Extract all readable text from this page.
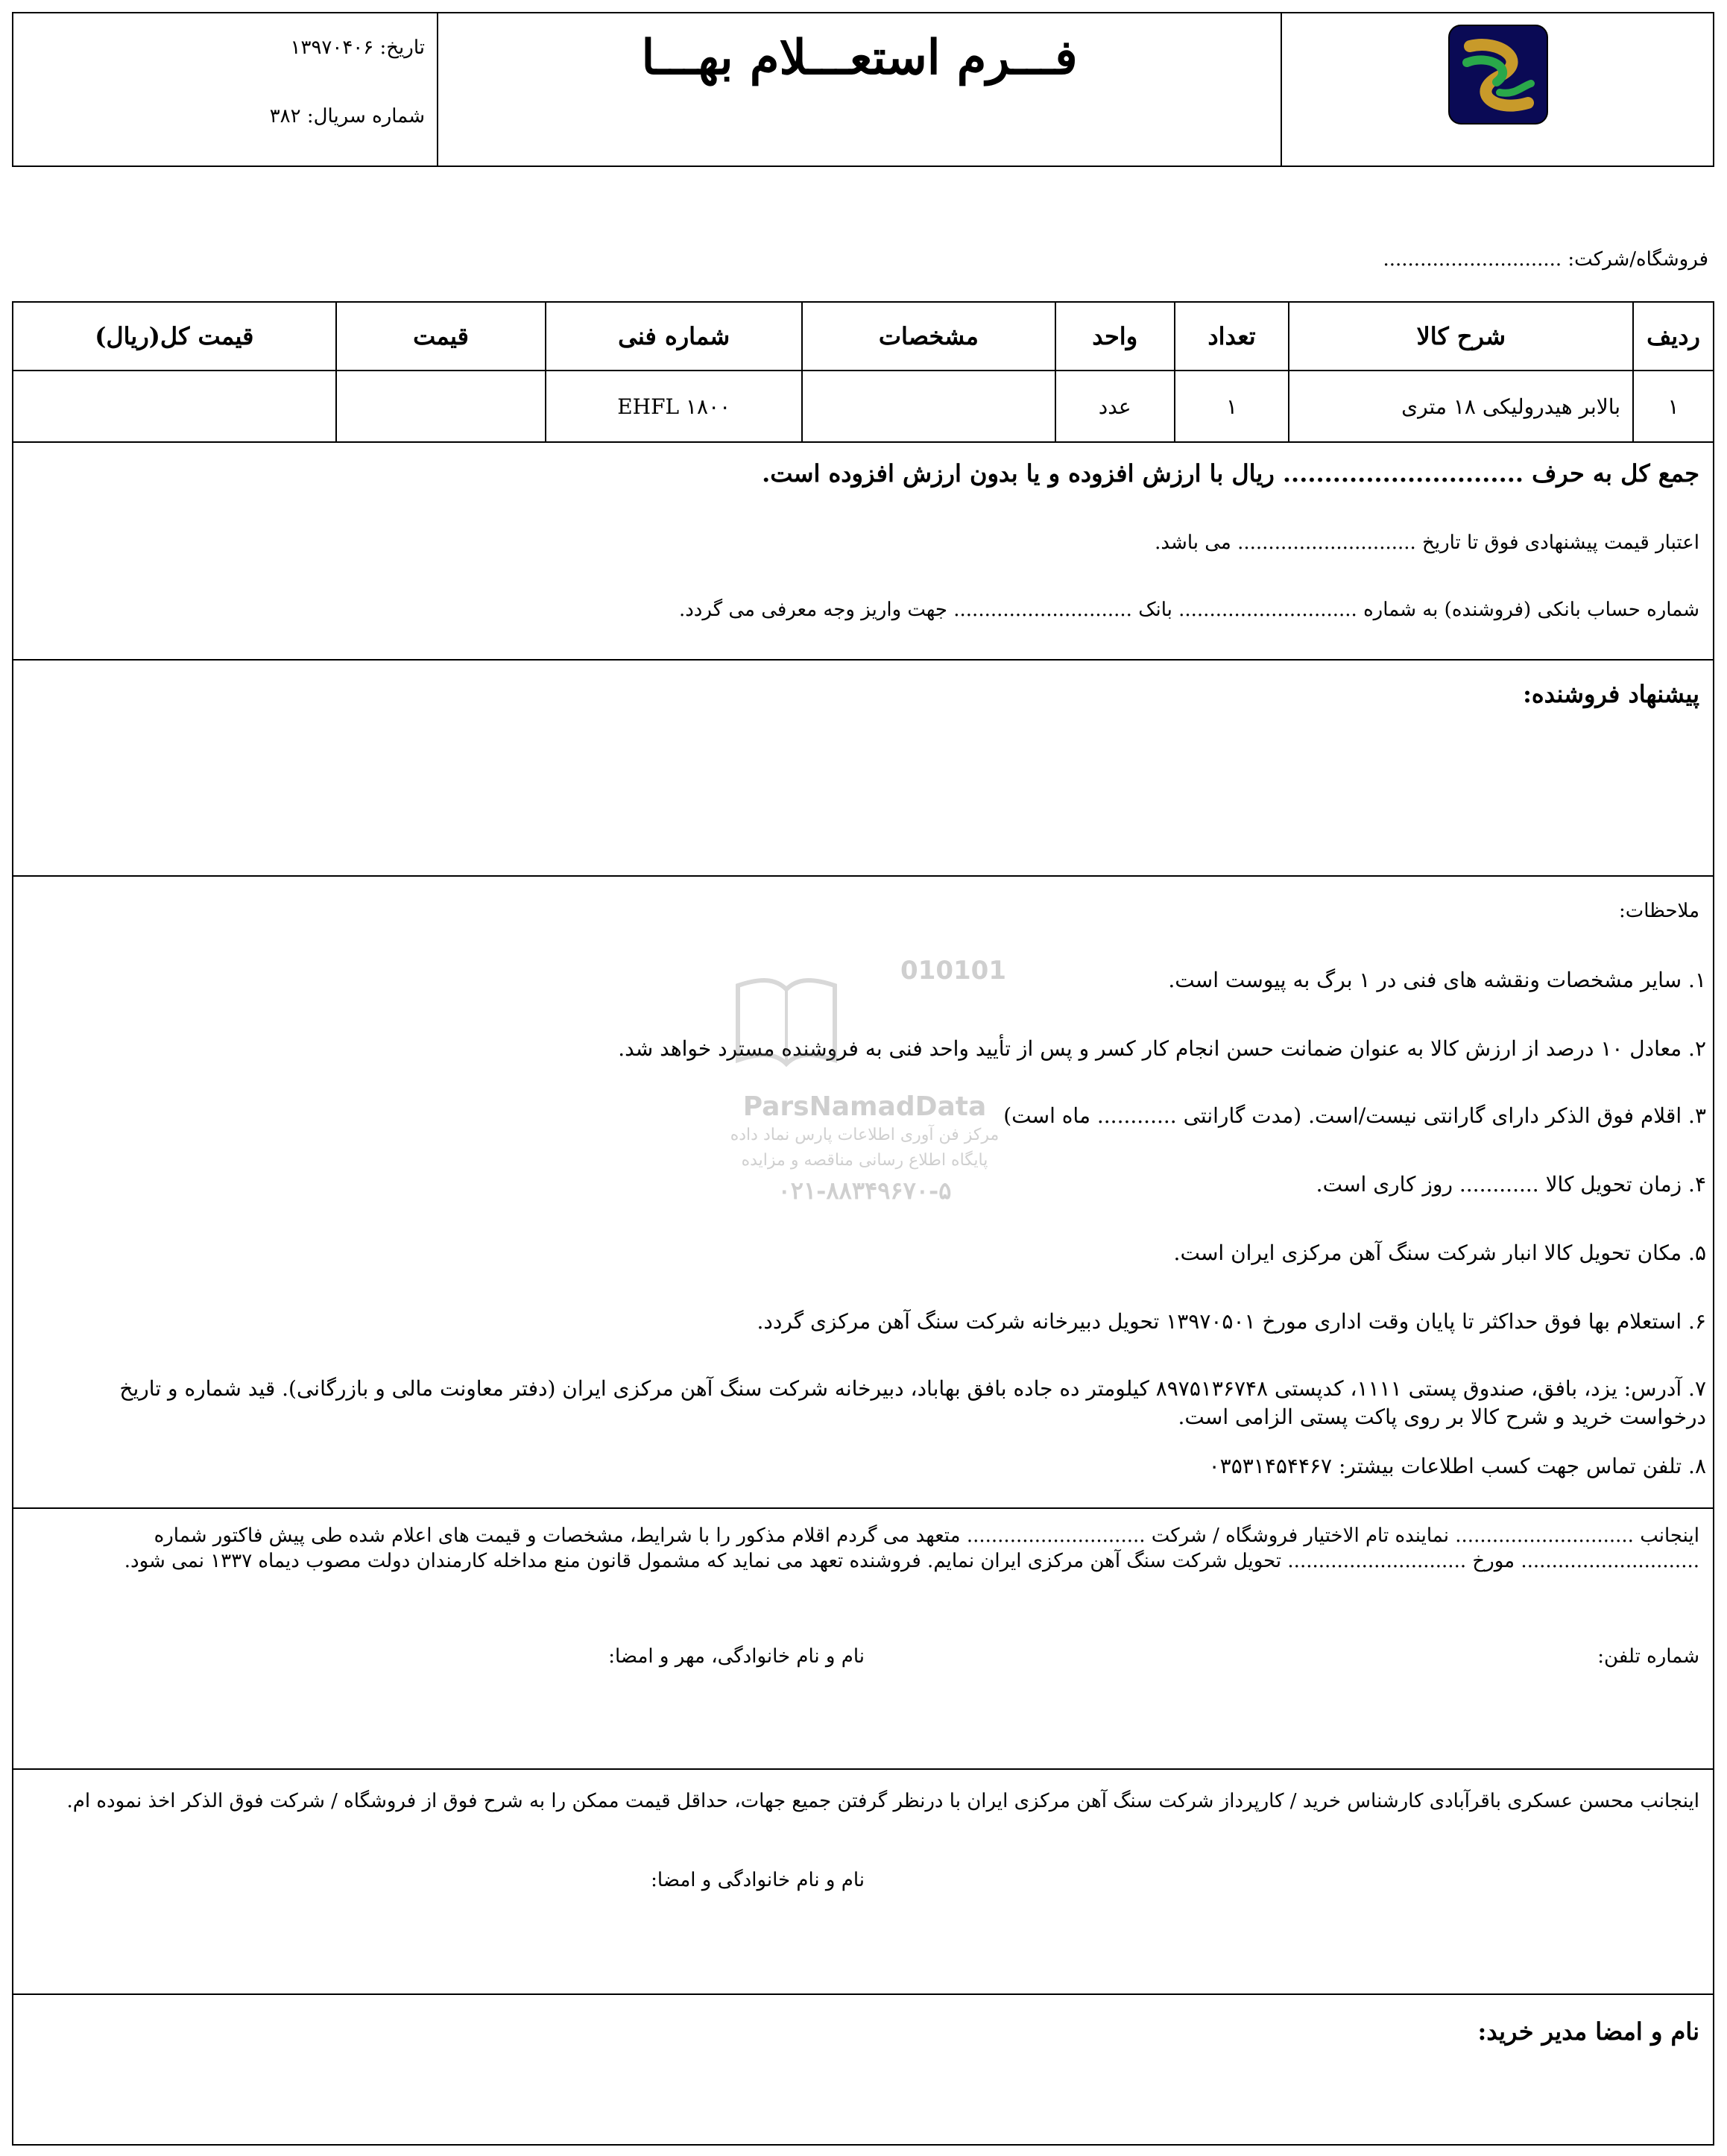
تاریخ: ۱۳۹۷۰۴۰۶
شماره سریال: ۳۸۲
فـــرم استعـــلام بهـــا
فروشگاه/شرکت: .............................
ردیف	شرح کالا	تعداد	واحد	مشخصات	شماره فنی	قیمت	قیمت کل(ریال)
۱	بالابر هیدرولیکی ۱۸ متری	۱	عدد		EHFL ۱۸۰۰		
جمع کل به حرف ............................. ریال با ارزش افزوده و یا بدون ارزش افزوده است.
اعتبار قیمت پیشنهادی فوق تا تاریخ ............................. می باشد.
شماره حساب بانکی (فروشنده) به شماره ............................. بانک ............................. جهت واریز وجه معرفی می گردد.
پیشنهاد فروشنده:
ملاحظات:
۱. سایر مشخصات ونقشه های فنی در ۱ برگ به پیوست است.
۲. معادل ۱۰ درصد از ارزش کالا به عنوان ضمانت حسن انجام کار کسر و پس از تأیید واحد فنی به فروشنده مسترد خواهد شد.
۳. اقلام فوق الذکر دارای گارانتی نیست/است. (مدت گارانتی ............ ماه است)
۴. زمان تحویل کالا ............ روز کاری است.
۵. مکان تحویل کالا انبار شرکت سنگ آهن مرکزی ایران است.
۶. استعلام بها فوق حداکثر تا پایان وقت اداری مورخ ۱۳۹۷۰۵۰۱ تحویل دبیرخانه شرکت سنگ آهن مرکزی گردد.
۷. آدرس: یزد، بافق، صندوق پستی ۱۱۱۱، کدپستی ۸۹۷۵۱۳۶۷۴۸ کیلومتر ده جاده بافق بهاباد، دبیرخانه شرکت سنگ آهن مرکزی ایران (دفتر معاونت مالی و بازرگانی). قید شماره و تاریخ درخواست خرید و شرح کالا بر روی پاکت پستی الزامی است.
۸. تلفن تماس جهت کسب اطلاعات بیشتر: ۰۳۵۳۱۴۵۴۴۶۷
010101
ParsNamadData
مرکز فن آوری اطلاعات پارس نماد داده
پایگاه اطلاع رسانی مناقصه و مزایده
۰۲۱-۸۸۳۴۹۶۷۰-۵
اینجانب ............................. نماینده تام الاختیار فروشگاه / شرکت ............................. متعهد می گردم اقلام مذکور را با شرایط، مشخصات و قیمت های اعلام شده طی پیش فاکتور شماره ............................. مورخ ............................. تحویل شرکت سنگ آهن مرکزی ایران نمایم. فروشنده تعهد می نماید که مشمول قانون منع مداخله کارمندان دولت مصوب دیماه ۱۳۳۷ نمی شود.
شماره تلفن:
نام و نام خانوادگی، مهر و امضا:
اینجانب محسن عسکری باقرآبادی کارشناس خرید / کارپرداز شرکت سنگ آهن مرکزی ایران با درنظر گرفتن جمیع جهات، حداقل قیمت ممکن را به شرح فوق از فروشگاه / شرکت فوق الذکر اخذ نموده ام.
نام و نام خانوادگی و امضا:
نام و امضا مدیر خرید:
